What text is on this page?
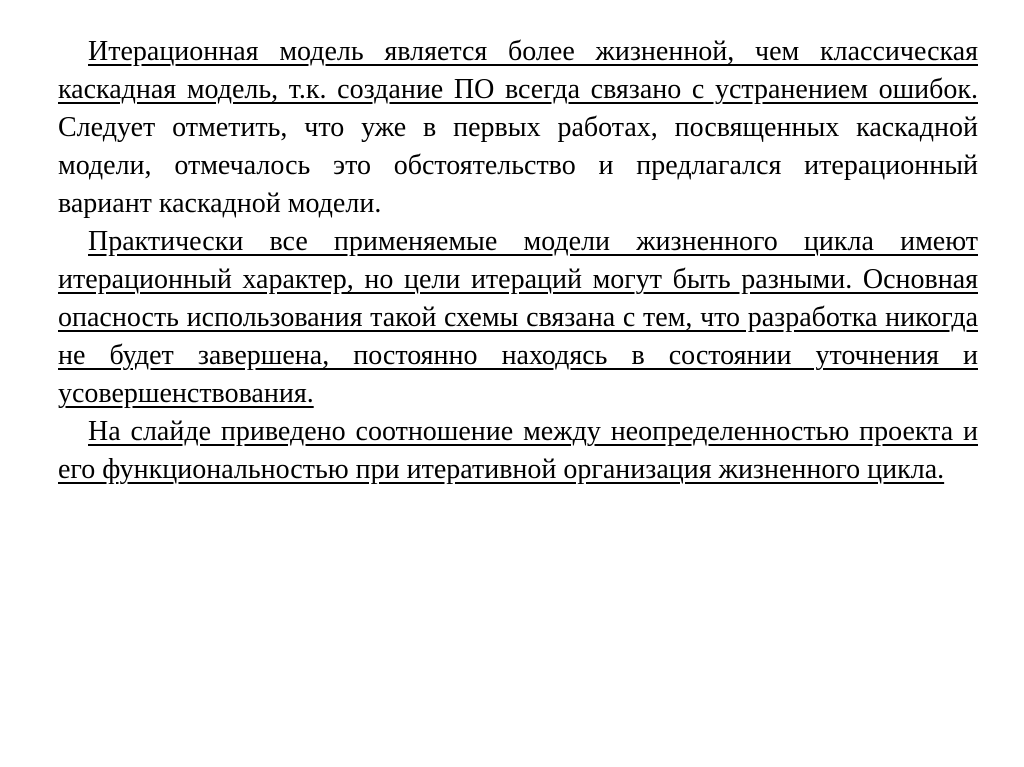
Итерационная модель является более жизненной, чем классическая каскадная модель, т.к. создание ПО всегда связано с устранением ошибок. Следует отметить, что уже в первых работах, посвященных каскадной модели, отмечалось это обстоятельство и предлагался итерационный вариант каскадной модели.

Практически все применяемые модели жизненного цикла имеют итерационный характер, но цели итераций могут быть разными. Основная опасность использования такой схемы связана с тем, что разработка никогда не будет завершена, постоянно находясь в состоянии уточнения и усовершенствования.

На слайде приведено соотношение между неопределенностью проекта и его функциональностью при итеративной организация жизненного цикла.
